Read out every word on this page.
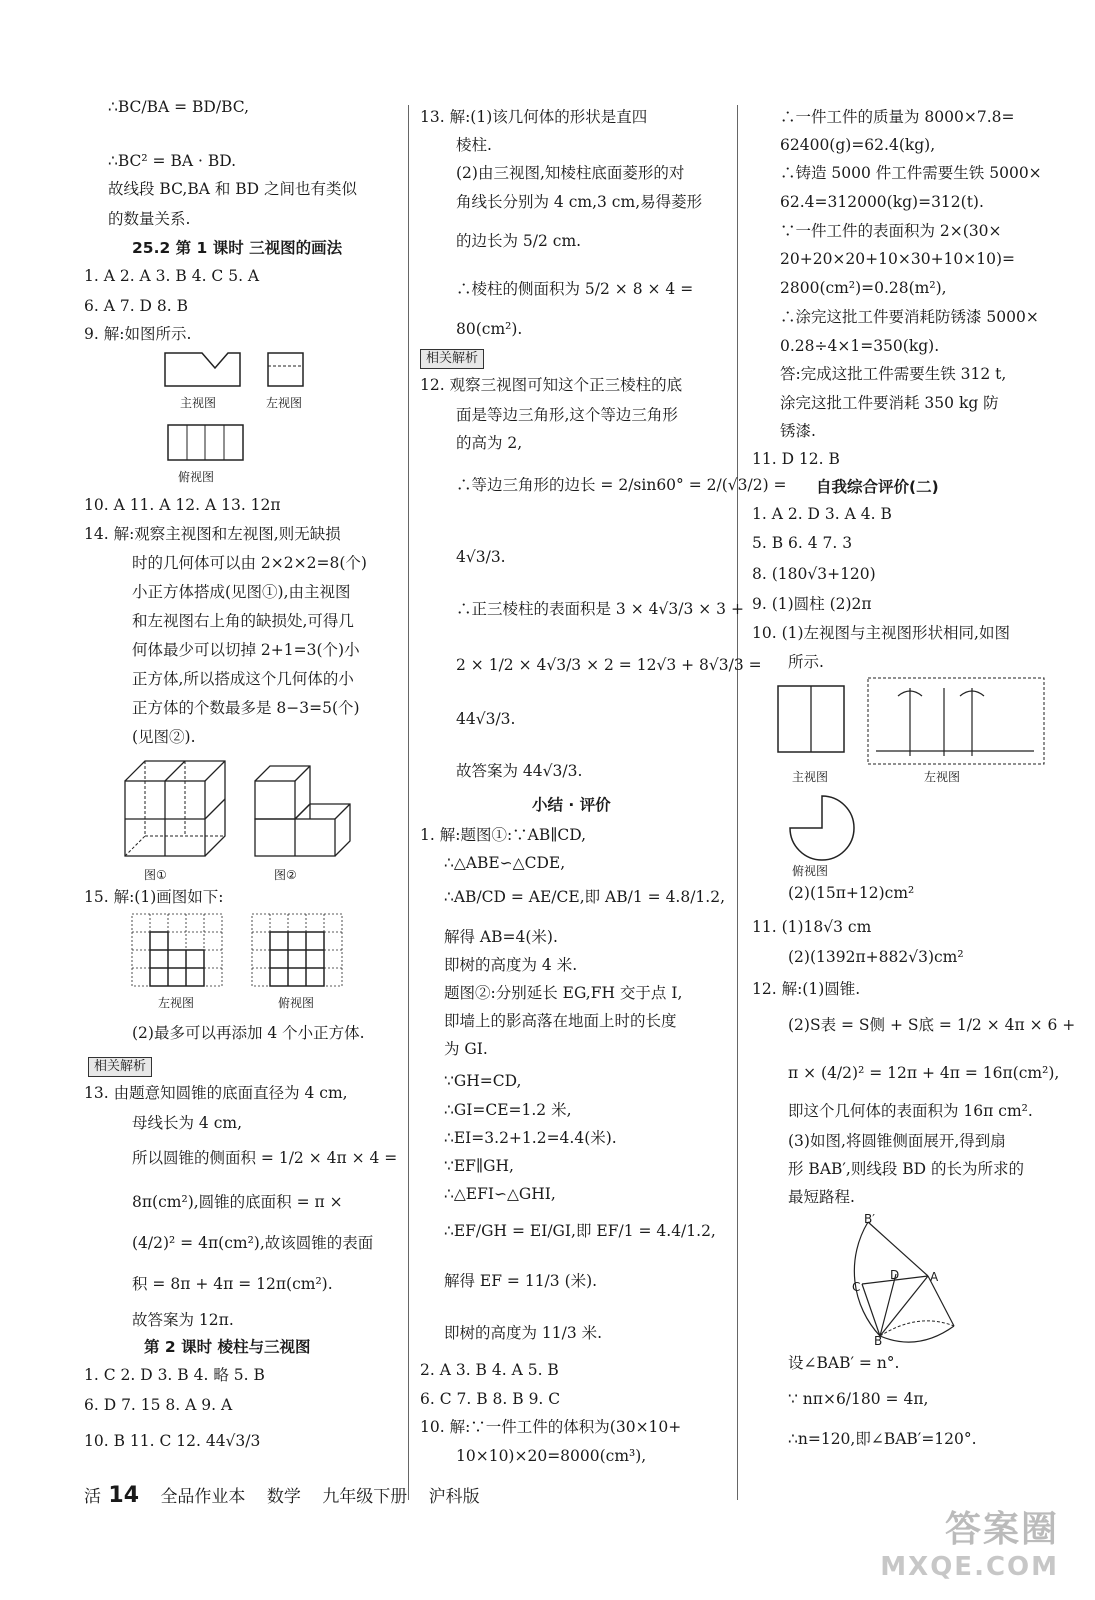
∴BC/BA = BD/BC,
∴BC² = BA · BD.
故线段 BC,BA 和 BD 之间也有类似
的数量关系.
25.2 第 1 课时 三视图的画法
1. A 2. A 3. B 4. C 5. A
6. A 7. D 8. B
9. 解:如图所示.
主视图	左视图
俯视图
10. A 11. A 12. A 13. 12π
14. 解:观察主视图和左视图,则无缺损
时的几何体可以由 2×2×2=8(个)
小正方体搭成(见图①),由主视图
和左视图右上角的缺损处,可得几
何体最少可以切掉 2+1=3(个)小
正方体,所以搭成这个几何体的小
正方体的个数最多是 8−3=5(个)
(见图②).
图①	图②
15. 解:(1)画图如下:
左视图	俯视图
(2)最多可以再添加 4 个小正方体.
相关解析
13. 由题意知圆锥的底面直径为 4 cm,
母线长为 4 cm,
所以圆锥的侧面积 = 1/2 × 4π × 4 =
8π(cm²),圆锥的底面积 = π ×
(4/2)² = 4π(cm²),故该圆锥的表面
积 = 8π + 4π = 12π(cm²).
故答案为 12π.
第 2 课时 棱柱与三视图
1. C 2. D 3. B 4. 略 5. B
6. D 7. 15 8. A 9. A
10. B 11. C 12. 44√3/3
13. 解:(1)该几何体的形状是直四
棱柱.
(2)由三视图,知棱柱底面菱形的对
角线长分别为 4 cm,3 cm,易得菱形
的边长为 5/2 cm.
∴棱柱的侧面积为 5/2 × 8 × 4 =
80(cm²).
相关解析
12. 观察三视图可知这个正三棱柱的底
面是等边三角形,这个等边三角形
的高为 2,
∴等边三角形的边长 = 2/sin60° = 2/(√3/2) =
4√3/3.
∴正三棱柱的表面积是 3 × 4√3/3 × 3 +
2 × 1/2 × 4√3/3 × 2 = 12√3 + 8√3/3 =
44√3/3.
故答案为 44√3/3.
小结 · 评价
1. 解:题图①:∵AB∥CD,
∴△ABE∽△CDE,
∴AB/CD = AE/CE,即 AB/1 = 4.8/1.2,
解得 AB=4(米).
即树的高度为 4 米.
题图②:分别延长 EG,FH 交于点 I,
即墙上的影高落在地面上时的长度
为 GI.
∵GH=CD,
∴GI=CE=1.2 米,
∴EI=3.2+1.2=4.4(米).
∵EF∥GH,
∴△EFI∽△GHI,
∴EF/GH = EI/GI,即 EF/1 = 4.4/1.2,
解得 EF = 11/3 (米).
即树的高度为 11/3 米.
2. A 3. B 4. A 5. B
6. C 7. B 8. B 9. C
10. 解:∵一件工件的体积为(30×10+
10×10)×20=8000(cm³),
∴一件工件的质量为 8000×7.8=
62400(g)=62.4(kg),
∴铸造 5000 件工件需要生铁 5000×
62.4=312000(kg)=312(t).
∵一件工件的表面积为 2×(30×
20+20×20+10×30+10×10)=
2800(cm²)=0.28(m²),
∴涂完这批工件要消耗防锈漆 5000×
0.28÷4×1=350(kg).
答:完成这批工件需要生铁 312 t,
涂完这批工件要消耗 350 kg 防
锈漆.
11. D 12. B
自我综合评价(二)
1. A 2. D 3. A 4. B
5. B 6. 4 7. 3
8. (180√3+120)
9. (1)圆柱 (2)2π
10. (1)左视图与主视图形状相同,如图
所示.
主视图	左视图
俯视图
(2)(15π+12)cm²
11. (1)18√3 cm
(2)(1392π+882√3)cm²
12. 解:(1)圆锥.
(2)S表 = S侧 + S底 = 1/2 × 4π × 6 +
π × (4/2)² = 12π + 4π = 16π(cm²),
即这个几何体的表面积为 16π cm².
(3)如图,将圆锥侧面展开,得到扇
形 BAB′,则线段 BD 的长为所求的
最短路程.
B′
A
C
D
B
设∠BAB′ = n°.
∵ nπ×6/180 = 4π,
∴n=120,即∠BAB′=120°.
活 14 全品作业本 数学 九年级下册 沪科版
答案圈
MXQE.COM
